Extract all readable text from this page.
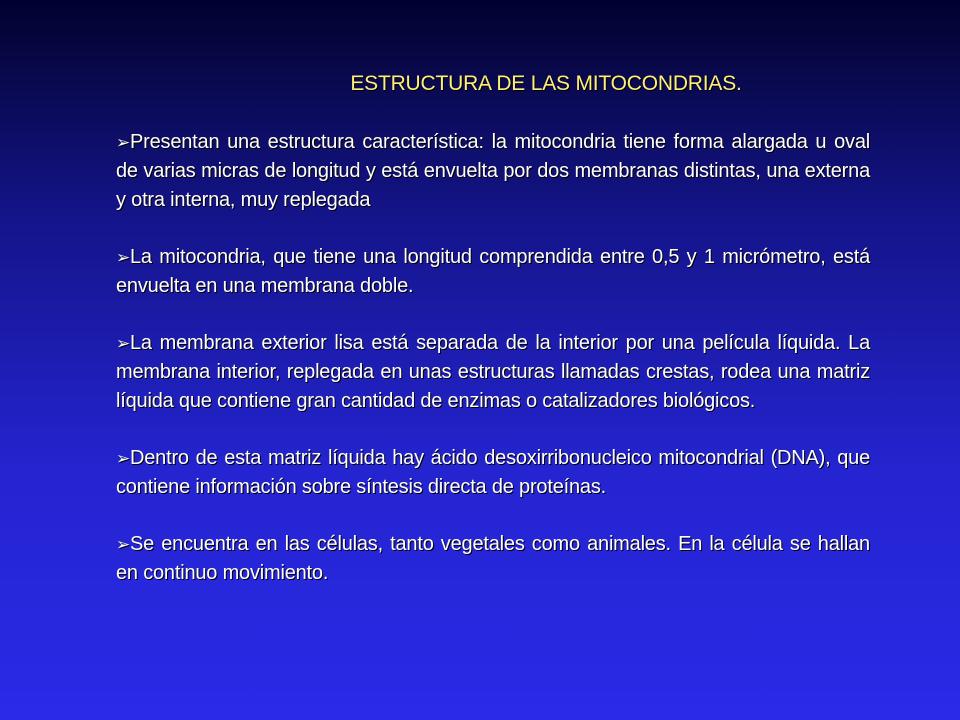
ESTRUCTURA DE LAS MITOCONDRIAS.
➢Presentan una estructura característica: la mitocondria tiene forma alargada u oval de varias micras de longitud y está envuelta por dos membranas distintas, una externa y otra interna, muy replegada
➢La mitocondria, que tiene una longitud comprendida entre 0,5 y 1 micrómetro, está envuelta en una membrana doble.
➢La membrana exterior lisa está separada de la interior por una película líquida. La membrana interior, replegada en unas estructuras llamadas crestas, rodea una matriz líquida que contiene gran cantidad de enzimas o catalizadores biológicos.
➢Dentro de esta matriz líquida hay ácido desoxirribonucleico mitocondrial (DNA), que contiene información sobre síntesis directa de proteínas.
➢Se encuentra en las células, tanto vegetales como animales. En la célula se hallan en continuo movimiento.
